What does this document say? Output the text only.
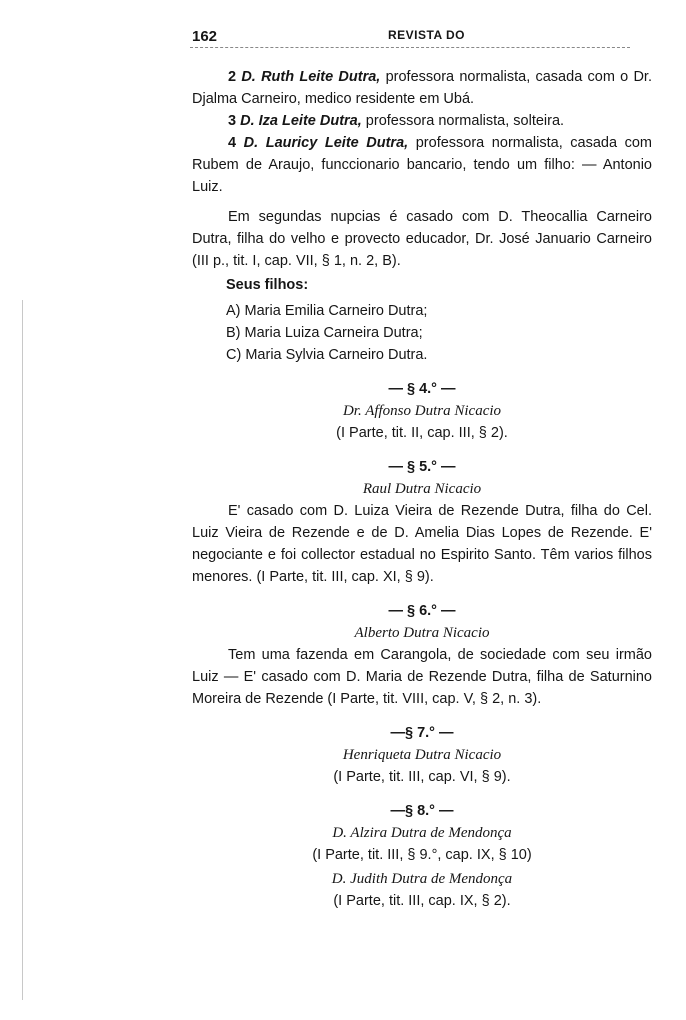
162	REVISTA DO

2 D. Ruth Leite Dutra, professora normalista, casada com o Dr. Djalma Carneiro, medico residente em Ubá.

3 D. Iza Leite Dutra, professora normalista, solteira.

4 D. Lauricy Leite Dutra, professora normalista, casada com Rubem de Araujo, funccionario bancario, tendo um filho: — Antonio Luiz.

Em segundas nupcias é casado com D. Theocallia Carneiro Dutra, filha do velho e provecto educador, Dr. José Januario Carneiro (III p., tit. I, cap. VII, § 1, n. 2, B).

Seus filhos:
A) Maria Emilia Carneiro Dutra;
B) Maria Luiza Carneira Dutra;
C) Maria Sylvia Carneiro Dutra.
— § 4.° —
Dr. Affonso Dutra Nicacio
(I Parte, tit. II, cap. III, § 2).
— § 5.° —
Raul Dutra Nicacio

E' casado com D. Luiza Vieira de Rezende Dutra, filha do Cel. Luiz Vieira de Rezende e de D. Amelia Dias Lopes de Rezende. E' negociante e foi collector estadual no Espirito Santo. Têm varios filhos menores. (I Parte, tit. III, cap. XI, § 9).

— § 6.° —
Alberto Dutra Nicacio

Tem uma fazenda em Carangola, de sociedade com seu irmão Luiz — E' casado com D. Maria de Rezende Dutra, filha de Saturnino Moreira de Rezende (I Parte, tit. VIII, cap. V, § 2, n. 3).

—§ 7.° —
Henriqueta Dutra Nicacio
(I Parte, tit. III, cap. VI, § 9).
—§ 8.° —
D. Alzira Dutra de Mendonça
(I Parte, tit. III, § 9.°, cap. IX, § 10)
D. Judith Dutra de Mendonça
(I Parte, tit. III, cap. IX, § 2).
